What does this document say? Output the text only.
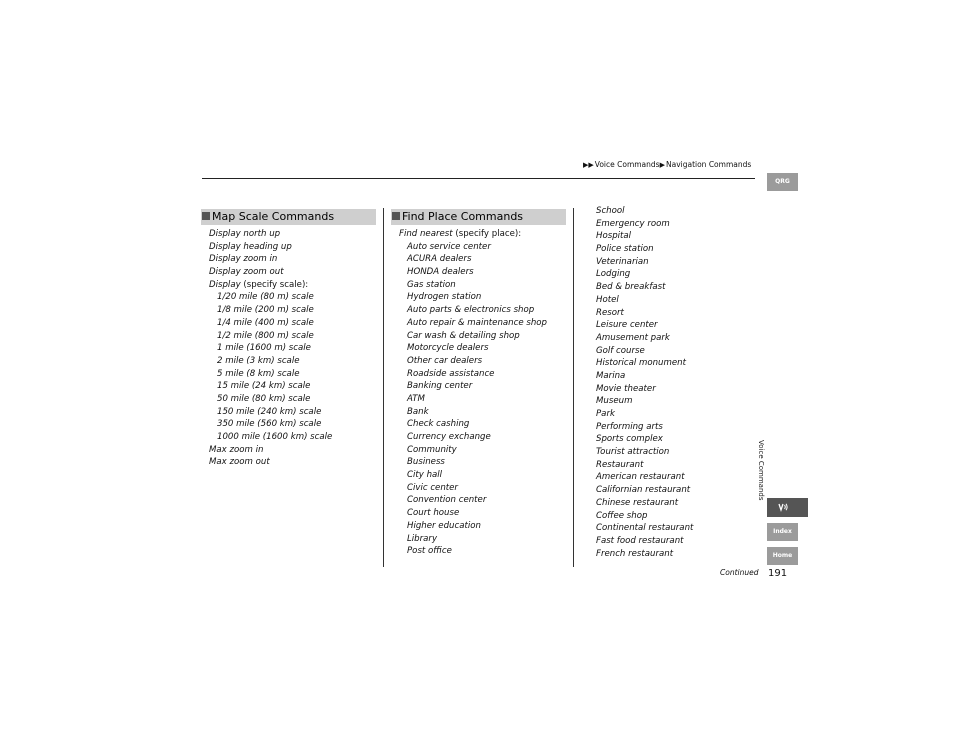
▶▶Voice Commands▶Navigation Commands
Map Scale Commands
Display north up
Display heading up
Display zoom in
Display zoom out
Display (specify scale):
1/20 mile (80 m) scale
1/8 mile (200 m) scale
1/4 mile (400 m) scale
1/2 mile (800 m) scale
1 mile (1600 m) scale
2 mile (3 km) scale
5 mile (8 km) scale
15 mile (24 km) scale
50 mile (80 km) scale
150 mile (240 km) scale
350 mile (560 km) scale
1000 mile (1600 km) scale
Max zoom in
Max zoom out
Find Place Commands
Find nearest (specify place):
Auto service center
ACURA dealers
HONDA dealers
Gas station
Hydrogen station
Auto parts & electronics shop
Auto repair & maintenance shop
Car wash & detailing shop
Motorcycle dealers
Other car dealers
Roadside assistance
Banking center
ATM
Bank
Check cashing
Currency exchange
Community
Business
City hall
Civic center
Convention center
Court house
Higher education
Library
Post office
School
Emergency room
Hospital
Police station
Veterinarian
Lodging
Bed & breakfast
Hotel
Resort
Leisure center
Amusement park
Golf course
Historical monument
Marina
Movie theater
Museum
Park
Performing arts
Sports complex
Tourist attraction
Restaurant
American restaurant
Californian restaurant
Chinese restaurant
Coffee shop
Continental restaurant
Fast food restaurant
French restaurant
QRG
Voice Commands
Index
Home
Continued 191
